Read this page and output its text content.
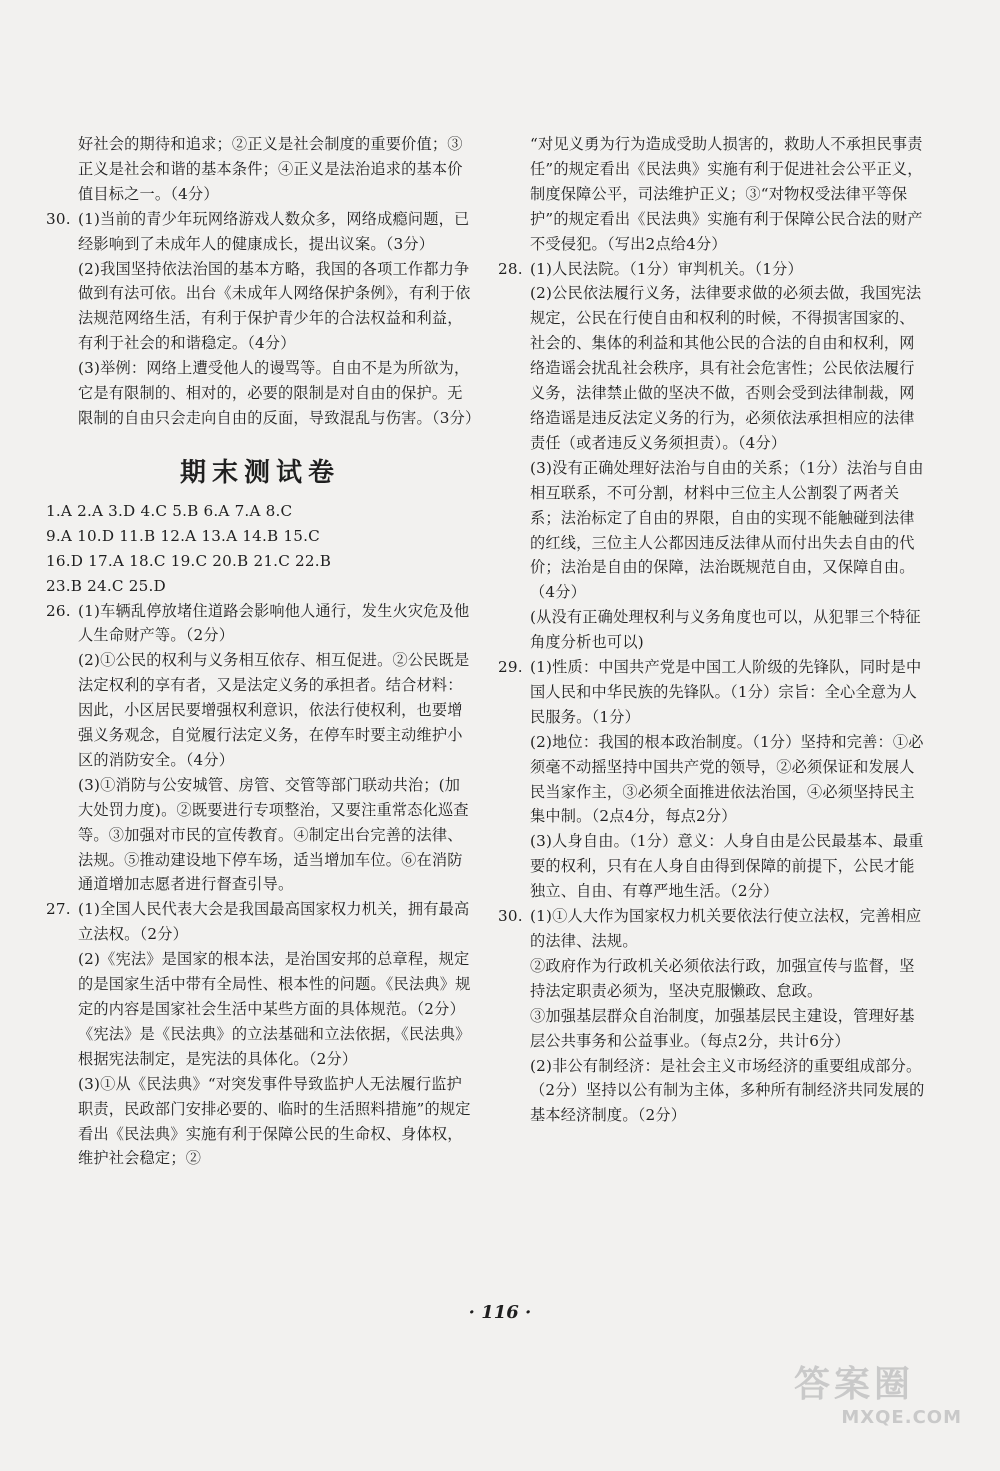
好社会的期待和追求；②正义是社会制度的重要价值；③正义是社会和谐的基本条件；④正义是法治追求的基本价值目标之一。（4分）

30. (1)当前的青少年玩网络游戏人数众多，网络成瘾问题，已经影响到了未成年人的健康成长，提出议案。（3分）

(2)我国坚持依法治国的基本方略，我国的各项工作都力争做到有法可依。出台《未成年人网络保护条例》，有利于依法规范网络生活，有利于保护青少年的合法权益和利益，有利于社会的和谐稳定。（4分）

(3)举例：网络上遭受他人的谩骂等。自由不是为所欲为，它是有限制的、相对的，必要的限制是对自由的保护。无限制的自由只会走向自由的反面，导致混乱与伤害。（3分）

期末测试卷

1.A 2.A 3.D 4.C 5.B 6.A 7.A 8.C

9.A 10.D 11.B 12.A 13.A 14.B 15.C

16.D 17.A 18.C 19.C 20.B 21.C 22.B

23.B 24.C 25.D

26. (1)车辆乱停放堵住道路会影响他人通行，发生火灾危及他人生命财产等。（2分）

(2)①公民的权利与义务相互依存、相互促进。②公民既是法定权利的享有者，又是法定义务的承担者。结合材料：因此，小区居民要增强权利意识，依法行使权利，也要增强义务观念，自觉履行法定义务，在停车时要主动维护小区的消防安全。（4分）

(3)①消防与公安城管、房管、交管等部门联动共治；(加大处罚力度)。②既要进行专项整治，又要注重常态化巡查等。③加强对市民的宣传教育。④制定出台完善的法律、法规。⑤推动建设地下停车场，适当增加车位。⑥在消防通道增加志愿者进行督查引导。

27. (1)全国人民代表大会是我国最高国家权力机关，拥有最高立法权。（2分）

(2)《宪法》是国家的根本法，是治国安邦的总章程，规定的是国家生活中带有全局性、根本性的问题。《民法典》规定的内容是国家社会生活中某些方面的具体规范。（2分）《宪法》是《民法典》的立法基础和立法依据，《民法典》根据宪法制定，是宪法的具体化。（2分）

(3)①从《民法典》“对突发事件导致监护人无法履行监护职责，民政部门安排必要的、临时的生活照料措施”的规定看出《民法典》实施有利于保障公民的生命权、身体权，维护社会稳定；②

“对见义勇为行为造成受助人损害的，救助人不承担民事责任”的规定看出《民法典》实施有利于促进社会公平正义，制度保障公平，司法维护正义；③“对物权受法律平等保护”的规定看出《民法典》实施有利于保障公民合法的财产不受侵犯。（写出2点给4分）

28. (1)人民法院。（1分）审判机关。（1分）

(2)公民依法履行义务，法律要求做的必须去做，我国宪法规定，公民在行使自由和权利的时候，不得损害国家的、社会的、集体的利益和其他公民的合法的自由和权利，网络造谣会扰乱社会秩序，具有社会危害性；公民依法履行义务，法律禁止做的坚决不做，否则会受到法律制裁，网络造谣是违反法定义务的行为，必须依法承担相应的法律责任（或者违反义务须担责）。（4分）

(3)没有正确处理好法治与自由的关系；（1分）法治与自由相互联系，不可分割，材料中三位主人公割裂了两者关系；法治标定了自由的界限，自由的实现不能触碰到法律的红线，三位主人公都因违反法律从而付出失去自由的代价；法治是自由的保障，法治既规范自由，又保障自由。（4分）

(从没有正确处理权利与义务角度也可以，从犯罪三个特征角度分析也可以)

29. (1)性质：中国共产党是中国工人阶级的先锋队，同时是中国人民和中华民族的先锋队。（1分）宗旨：全心全意为人民服务。（1分）

(2)地位：我国的根本政治制度。（1分）坚持和完善：①必须毫不动摇坚持中国共产党的领导，②必须保证和发展人民当家作主，③必须全面推进依法治国，④必须坚持民主集中制。（2点4分，每点2分）

(3)人身自由。（1分）意义：人身自由是公民最基本、最重要的权利，只有在人身自由得到保障的前提下，公民才能独立、自由、有尊严地生活。（2分）

30. (1)①人大作为国家权力机关要依法行使立法权，完善相应的法律、法规。

②政府作为行政机关必须依法行政，加强宣传与监督，坚持法定职责必须为，坚决克服懒政、怠政。

③加强基层群众自治制度，加强基层民主建设，管理好基层公共事务和公益事业。（每点2分，共计6分）

(2)非公有制经济：是社会主义市场经济的重要组成部分。（2分）坚持以公有制为主体，多种所有制经济共同发展的基本经济制度。（2分）

· 116 ·
答案圈
MXQE.COM
